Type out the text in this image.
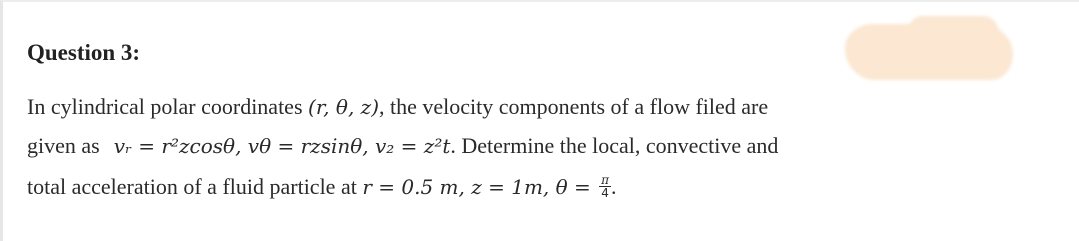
Question 3:
In cylindrical polar coordinates (r, θ, z), the velocity components of a flow filed are
given as vᵣ = r²zcosθ, vθ = rzsinθ, v₂ = z²t. Determine the local, convective and
total acceleration of a fluid particle at r = 0.5 m, z = 1m, $\theta = \frac{\pi}{4}$ .
